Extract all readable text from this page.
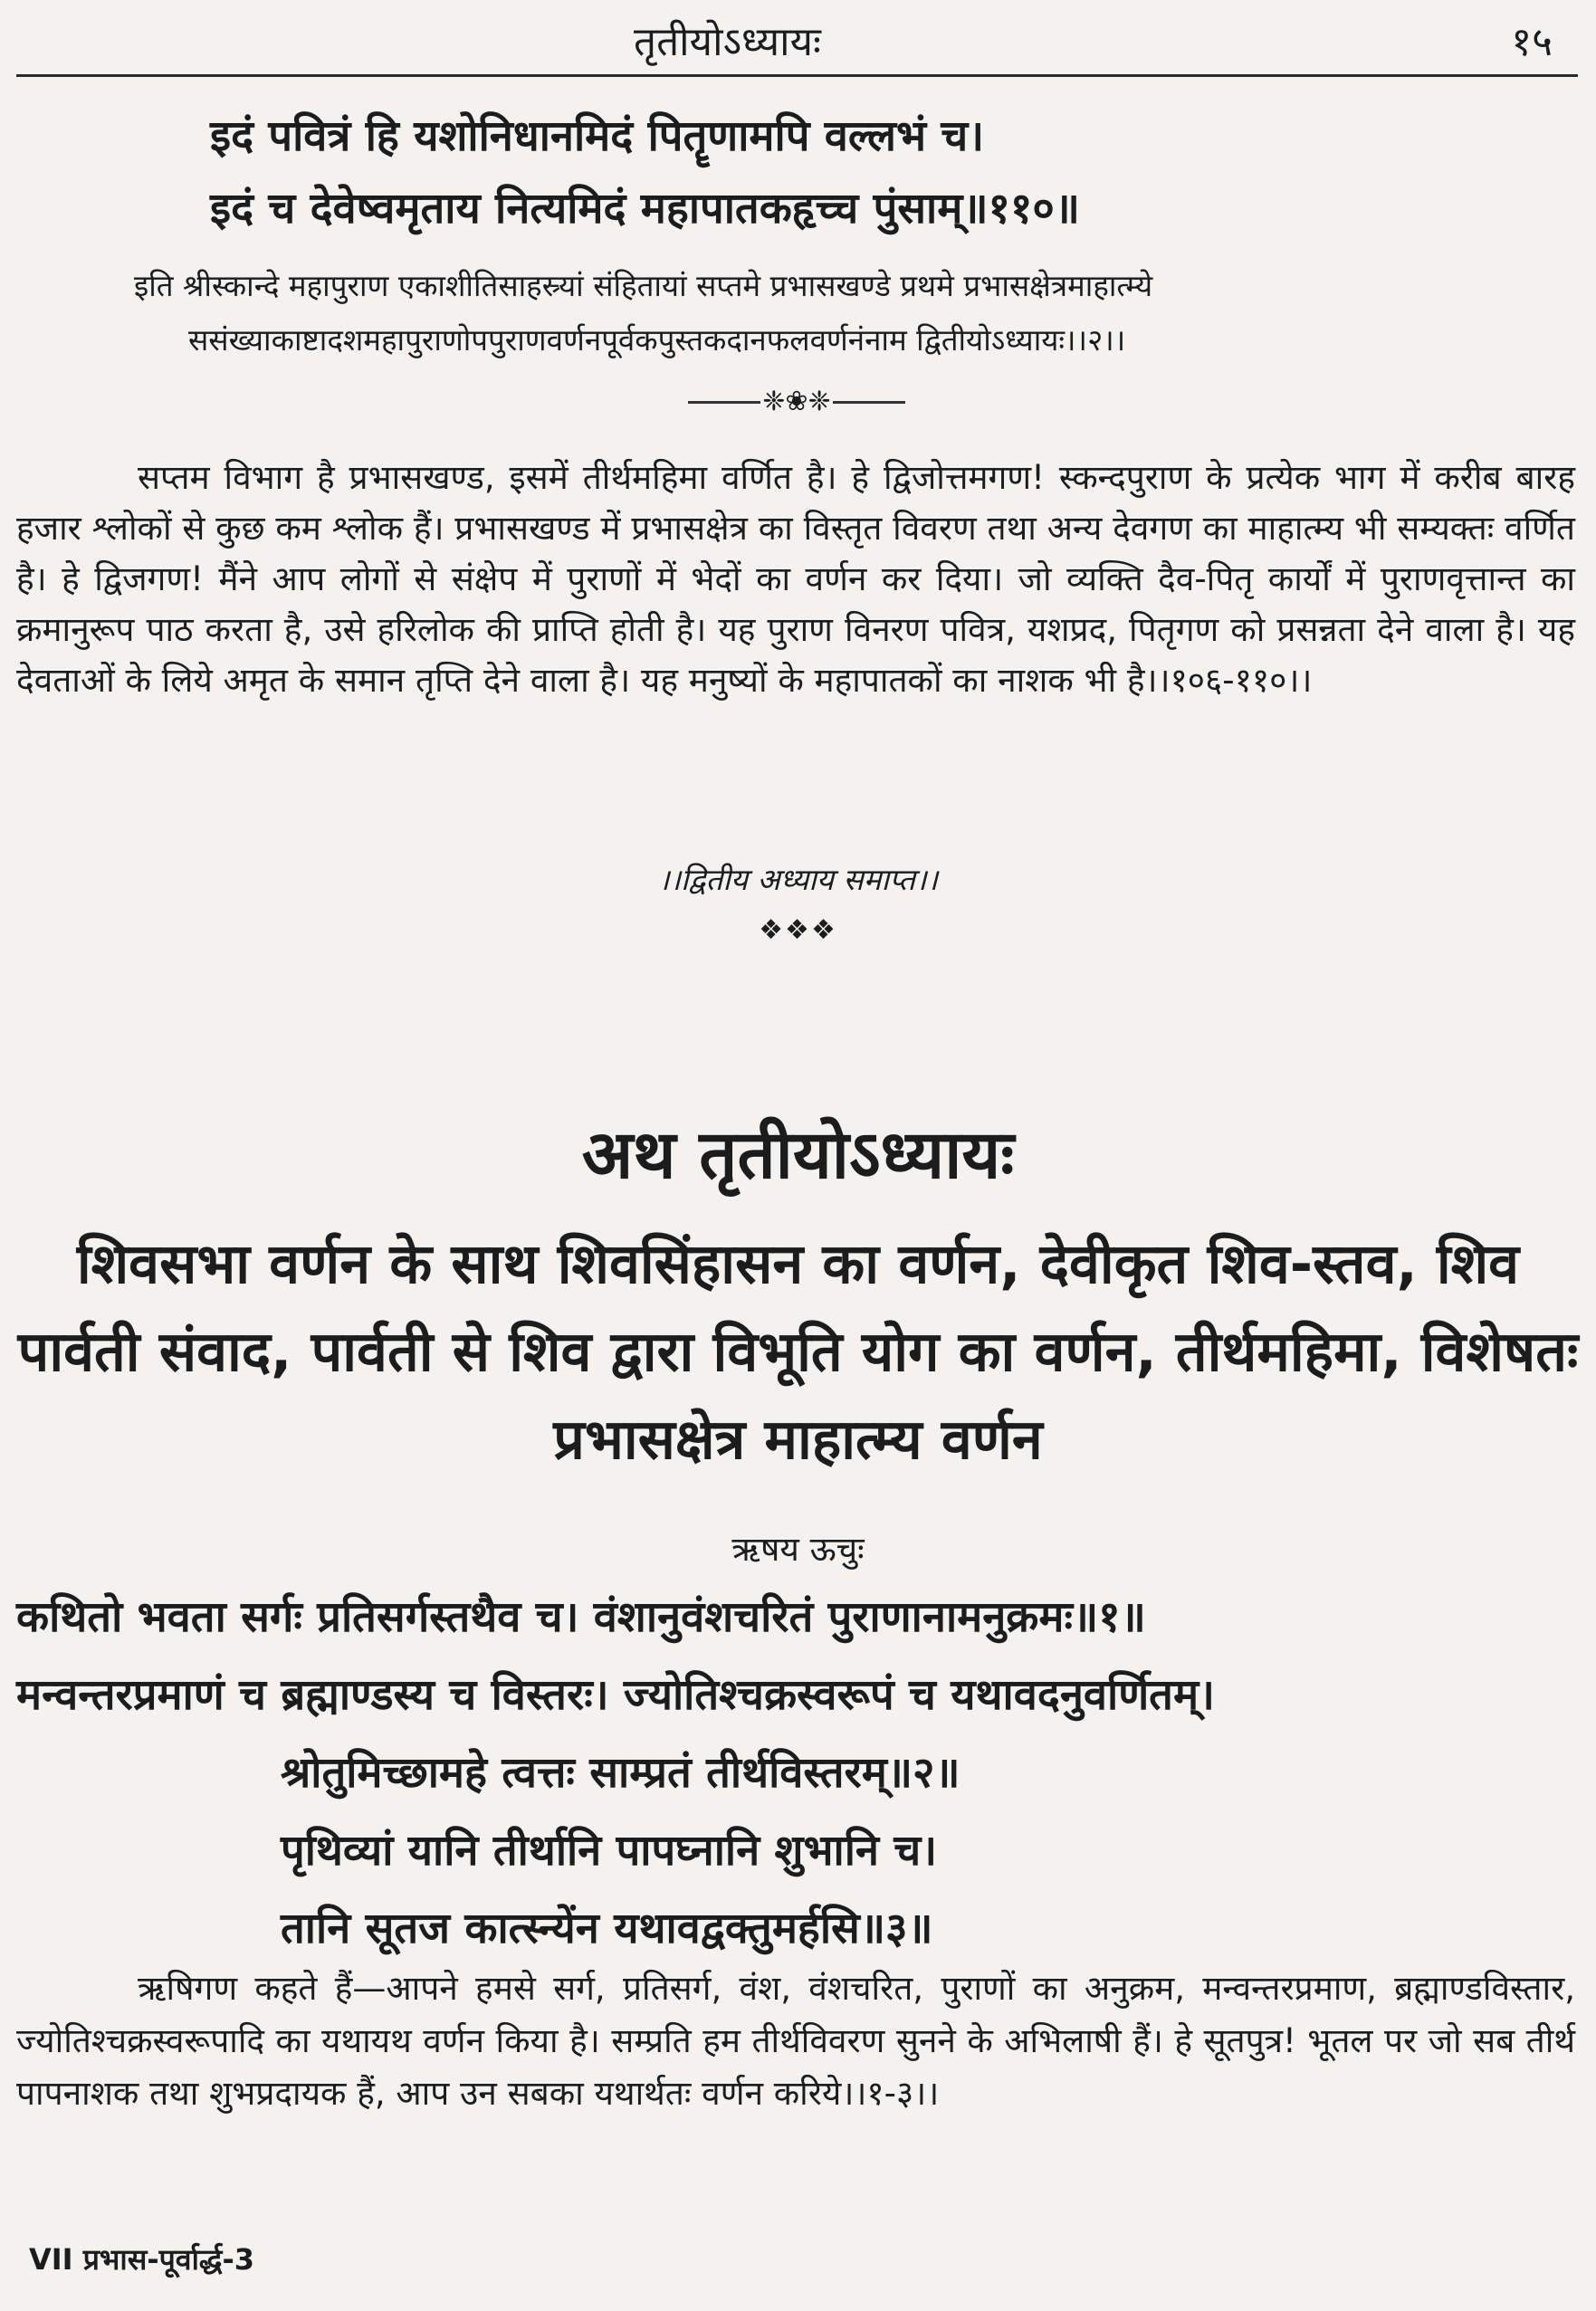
तृतीयोऽध्यायः	१५
इदं पवित्रं हि यशोनिधानमिदं पितॄणामपि वल्लभं च।
इदं च देवेष्वमृताय नित्यमिदं महापातकहृच्च पुंसाम्॥११०॥
इति श्रीस्कान्दे महापुराण एकाशीतिसाहस्र्यां संहितायां सप्तमे प्रभासखण्डे प्रथमे प्रभासक्षेत्रमाहात्म्ये
ससंख्याकाष्टादशमहापुराणोपपुराणवर्णनपूर्वकपुस्तकदानफलवर्णनंनाम द्वितीयोऽध्यायः।।२।।
❈❀❈

सप्तम विभाग है प्रभासखण्ड, इसमें तीर्थमहिमा वर्णित है। हे द्विजोत्तमगण! स्कन्दपुराण के प्रत्येक भाग में करीब बारह हजार श्लोकों से कुछ कम श्लोक हैं। प्रभासखण्ड में प्रभासक्षेत्र का विस्तृत विवरण तथा अन्य देवगण का माहात्म्य भी सम्यक्तः वर्णित है। हे द्विजगण! मैंने आप लोगों से संक्षेप में पुराणों में भेदों का वर्णन कर दिया। जो व्यक्ति दैव-पितृ कार्यों में पुराणवृत्तान्त का क्रमानुरूप पाठ करता है, उसे हरिलोक की प्राप्ति होती है। यह पुराण विनरण पवित्र, यशप्रद, पितृगण को प्रसन्नता देने वाला है। यह देवताओं के लिये अमृत के समान तृप्ति देने वाला है। यह मनुष्यों के महापातकों का नाशक भी है।।१०६-११०।।

।।द्वितीय अध्याय समाप्त।।
❖❖❖
अथ तृतीयोऽध्यायः
शिवसभा वर्णन के साथ शिवसिंहासन का वर्णन, देवीकृत शिव-स्तव, शिव पार्वती संवाद, पार्वती से शिव द्वारा विभूति योग का वर्णन, तीर्थमहिमा, विशेषतः प्रभासक्षेत्र माहात्म्य वर्णन
ऋषय ऊचुः
कथितो भवता सर्गः प्रतिसर्गस्तथैव च। वंशानुवंशचरितं पुराणानामनुक्रमः॥१॥
मन्वन्तरप्रमाणं च ब्रह्माण्डस्य च विस्तरः। ज्योतिश्चक्रस्वरूपं च यथावदनुवर्णितम्।
श्रोतुमिच्छामहे त्वत्तः साम्प्रतं तीर्थविस्तरम्॥२॥
पृथिव्यां यानि तीर्थानि पापघ्नानि शुभानि च।
तानि सूतज कात्स्न्येंन यथावद्वक्तुमर्हसि॥३॥

ऋषिगण कहते हैं—आपने हमसे सर्ग, प्रतिसर्ग, वंश, वंशचरित, पुराणों का अनुक्रम, मन्वन्तरप्रमाण, ब्रह्माण्डविस्तार, ज्योतिश्चक्रस्वरूपादि का यथायथ वर्णन किया है। सम्प्रति हम तीर्थविवरण सुनने के अभिलाषी हैं। हे सूतपुत्र! भूतल पर जो सब तीर्थ पापनाशक तथा शुभप्रदायक हैं, आप उन सबका यथार्थतः वर्णन करिये।।१-३।।

VII प्रभास-पूर्वार्द्ध-3
